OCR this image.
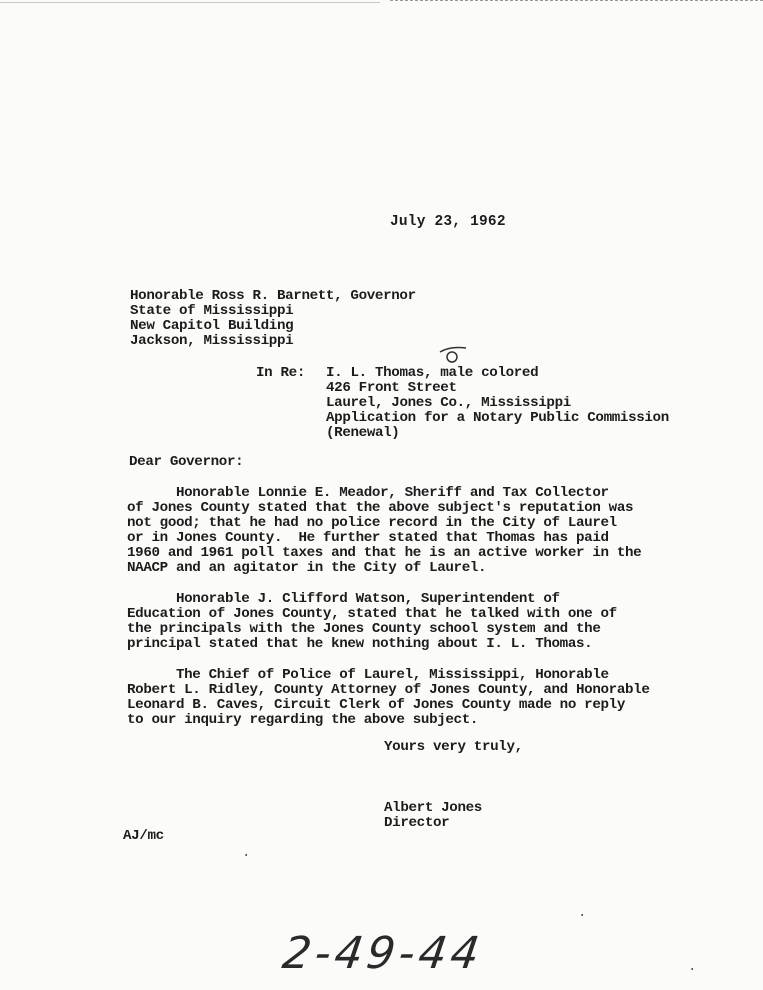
July 23, 1962
Honorable Ross R. Barnett, Governor
State of Mississippi
New Capitol Building
Jackson, Mississippi
In Re: I. L. Thomas, male colored
426 Front Street
Laurel, Jones Co., Mississippi
Application for a Notary Public Commission
(Renewal)
Dear Governor:
Honorable Lonnie E. Meador, Sheriff and Tax Collector
of Jones County stated that the above subject's reputation was
not good; that he had no police record in the City of Laurel
or in Jones County.  He further stated that Thomas has paid
1960 and 1961 poll taxes and that he is an active worker in the
NAACP and an agitator in the City of Laurel.
Honorable J. Clifford Watson, Superintendent of
Education of Jones County, stated that he talked with one of
the principals with the Jones County school system and the
principal stated that he knew nothing about I. L. Thomas.
The Chief of Police of Laurel, Mississippi, Honorable
Robert L. Ridley, County Attorney of Jones County, and Honorable
Leonard B. Caves, Circuit Clerk of Jones County made no reply
to our inquiry regarding the above subject.
Yours very truly,
Albert Jones
Director
AJ/mc
2-49-44
·
·
·
